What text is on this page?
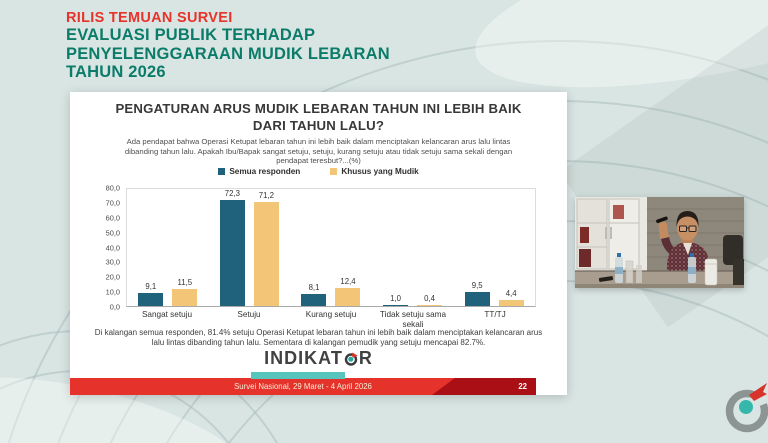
RILIS TEMUAN SURVEI
EVALUASI PUBLIK TERHADAP
PENYELENGGARAAN MUDIK LEBARAN
TAHUN 2026
PENGATURAN ARUS MUDIK LEBARAN TAHUN INI LEBIH BAIK
DARI TAHUN LALU?
Ada pendapat bahwa Operasi Ketupat lebaran tahun ini lebih baik dalam menciptakan kelancaran arus lalu lintas dibanding tahun lalu. Apakah Ibu/Bapak sangat setuju, setuju, kurang setuju atau tidak setuju sama sekali dengan pendapat teresbut?...(%)
Semua responden	Khusus yang Mudik
80,0
70,0
60,0
50,0
40,0
30,0
20,0
10,0
0,0
9,1	11,5
72,3 71,2
8,1
12,4
1,0	0,4
9,5
4,4
Sangat setuju	Setuju	Kurang setuju	Tidak setuju sama sekali
TT/TJ
Di kalangan semua responden, 81.4% setuju Operasi Ketupat lebaran tahun ini lebih baik dalam menciptakan kelancaran arus lalu lintas dibanding tahun lalu. Sementara di kalangan pemudik yang setuju mencapai 82.7%.
INDIKAT R
Survei Nasional, 29 Maret - 4 April 2026	22
